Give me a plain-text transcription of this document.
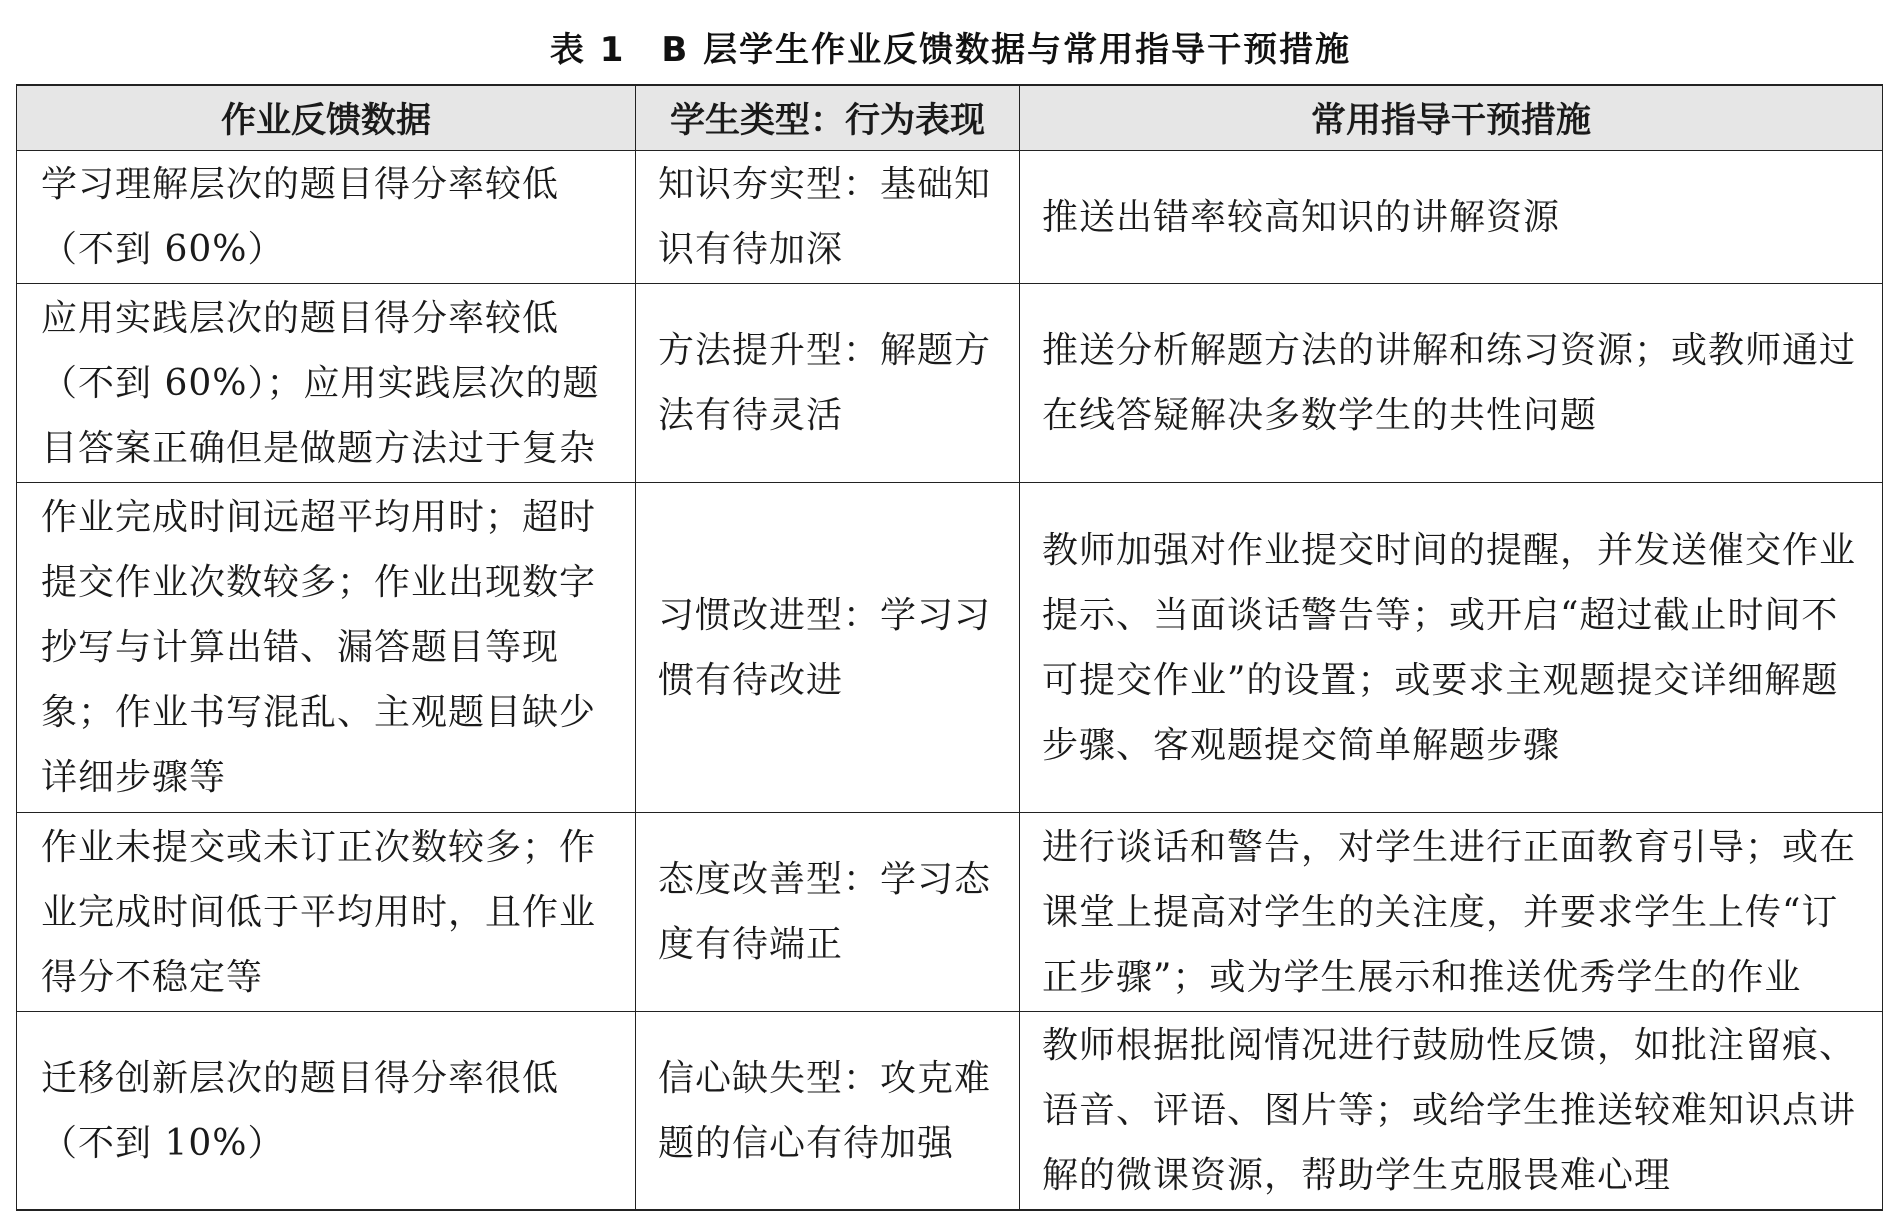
表 1　B 层学生作业反馈数据与常用指导干预措施
作业反馈数据	学生类型：行为表现	常用指导干预措施
学习理解层次的题目得分率较低（不到 60%）	知识夯实型：基础知识有待加深	推送出错率较高知识的讲解资源
应用实践层次的题目得分率较低（不到 60%）；应用实践层次的题目答案正确但是做题方法过于复杂	方法提升型：解题方法有待灵活	推送分析解题方法的讲解和练习资源；或教师通过在线答疑解决多数学生的共性问题
作业完成时间远超平均用时；超时提交作业次数较多；作业出现数字抄写与计算出错、漏答题目等现象；作业书写混乱、主观题目缺少详细步骤等	习惯改进型：学习习惯有待改进	教师加强对作业提交时间的提醒，并发送催交作业提示、当面谈话警告等；或开启“超过截止时间不可提交作业”的设置；或要求主观题提交详细解题步骤、客观题提交简单解题步骤
作业未提交或未订正次数较多；作业完成时间低于平均用时，且作业得分不稳定等	态度改善型：学习态度有待端正	进行谈话和警告，对学生进行正面教育引导；或在课堂上提高对学生的关注度，并要求学生上传“订正步骤”；或为学生展示和推送优秀学生的作业
迁移创新层次的题目得分率很低（不到 10%）	信心缺失型：攻克难题的信心有待加强	教师根据批阅情况进行鼓励性反馈，如批注留痕、语音、评语、图片等；或给学生推送较难知识点讲解的微课资源，帮助学生克服畏难心理
